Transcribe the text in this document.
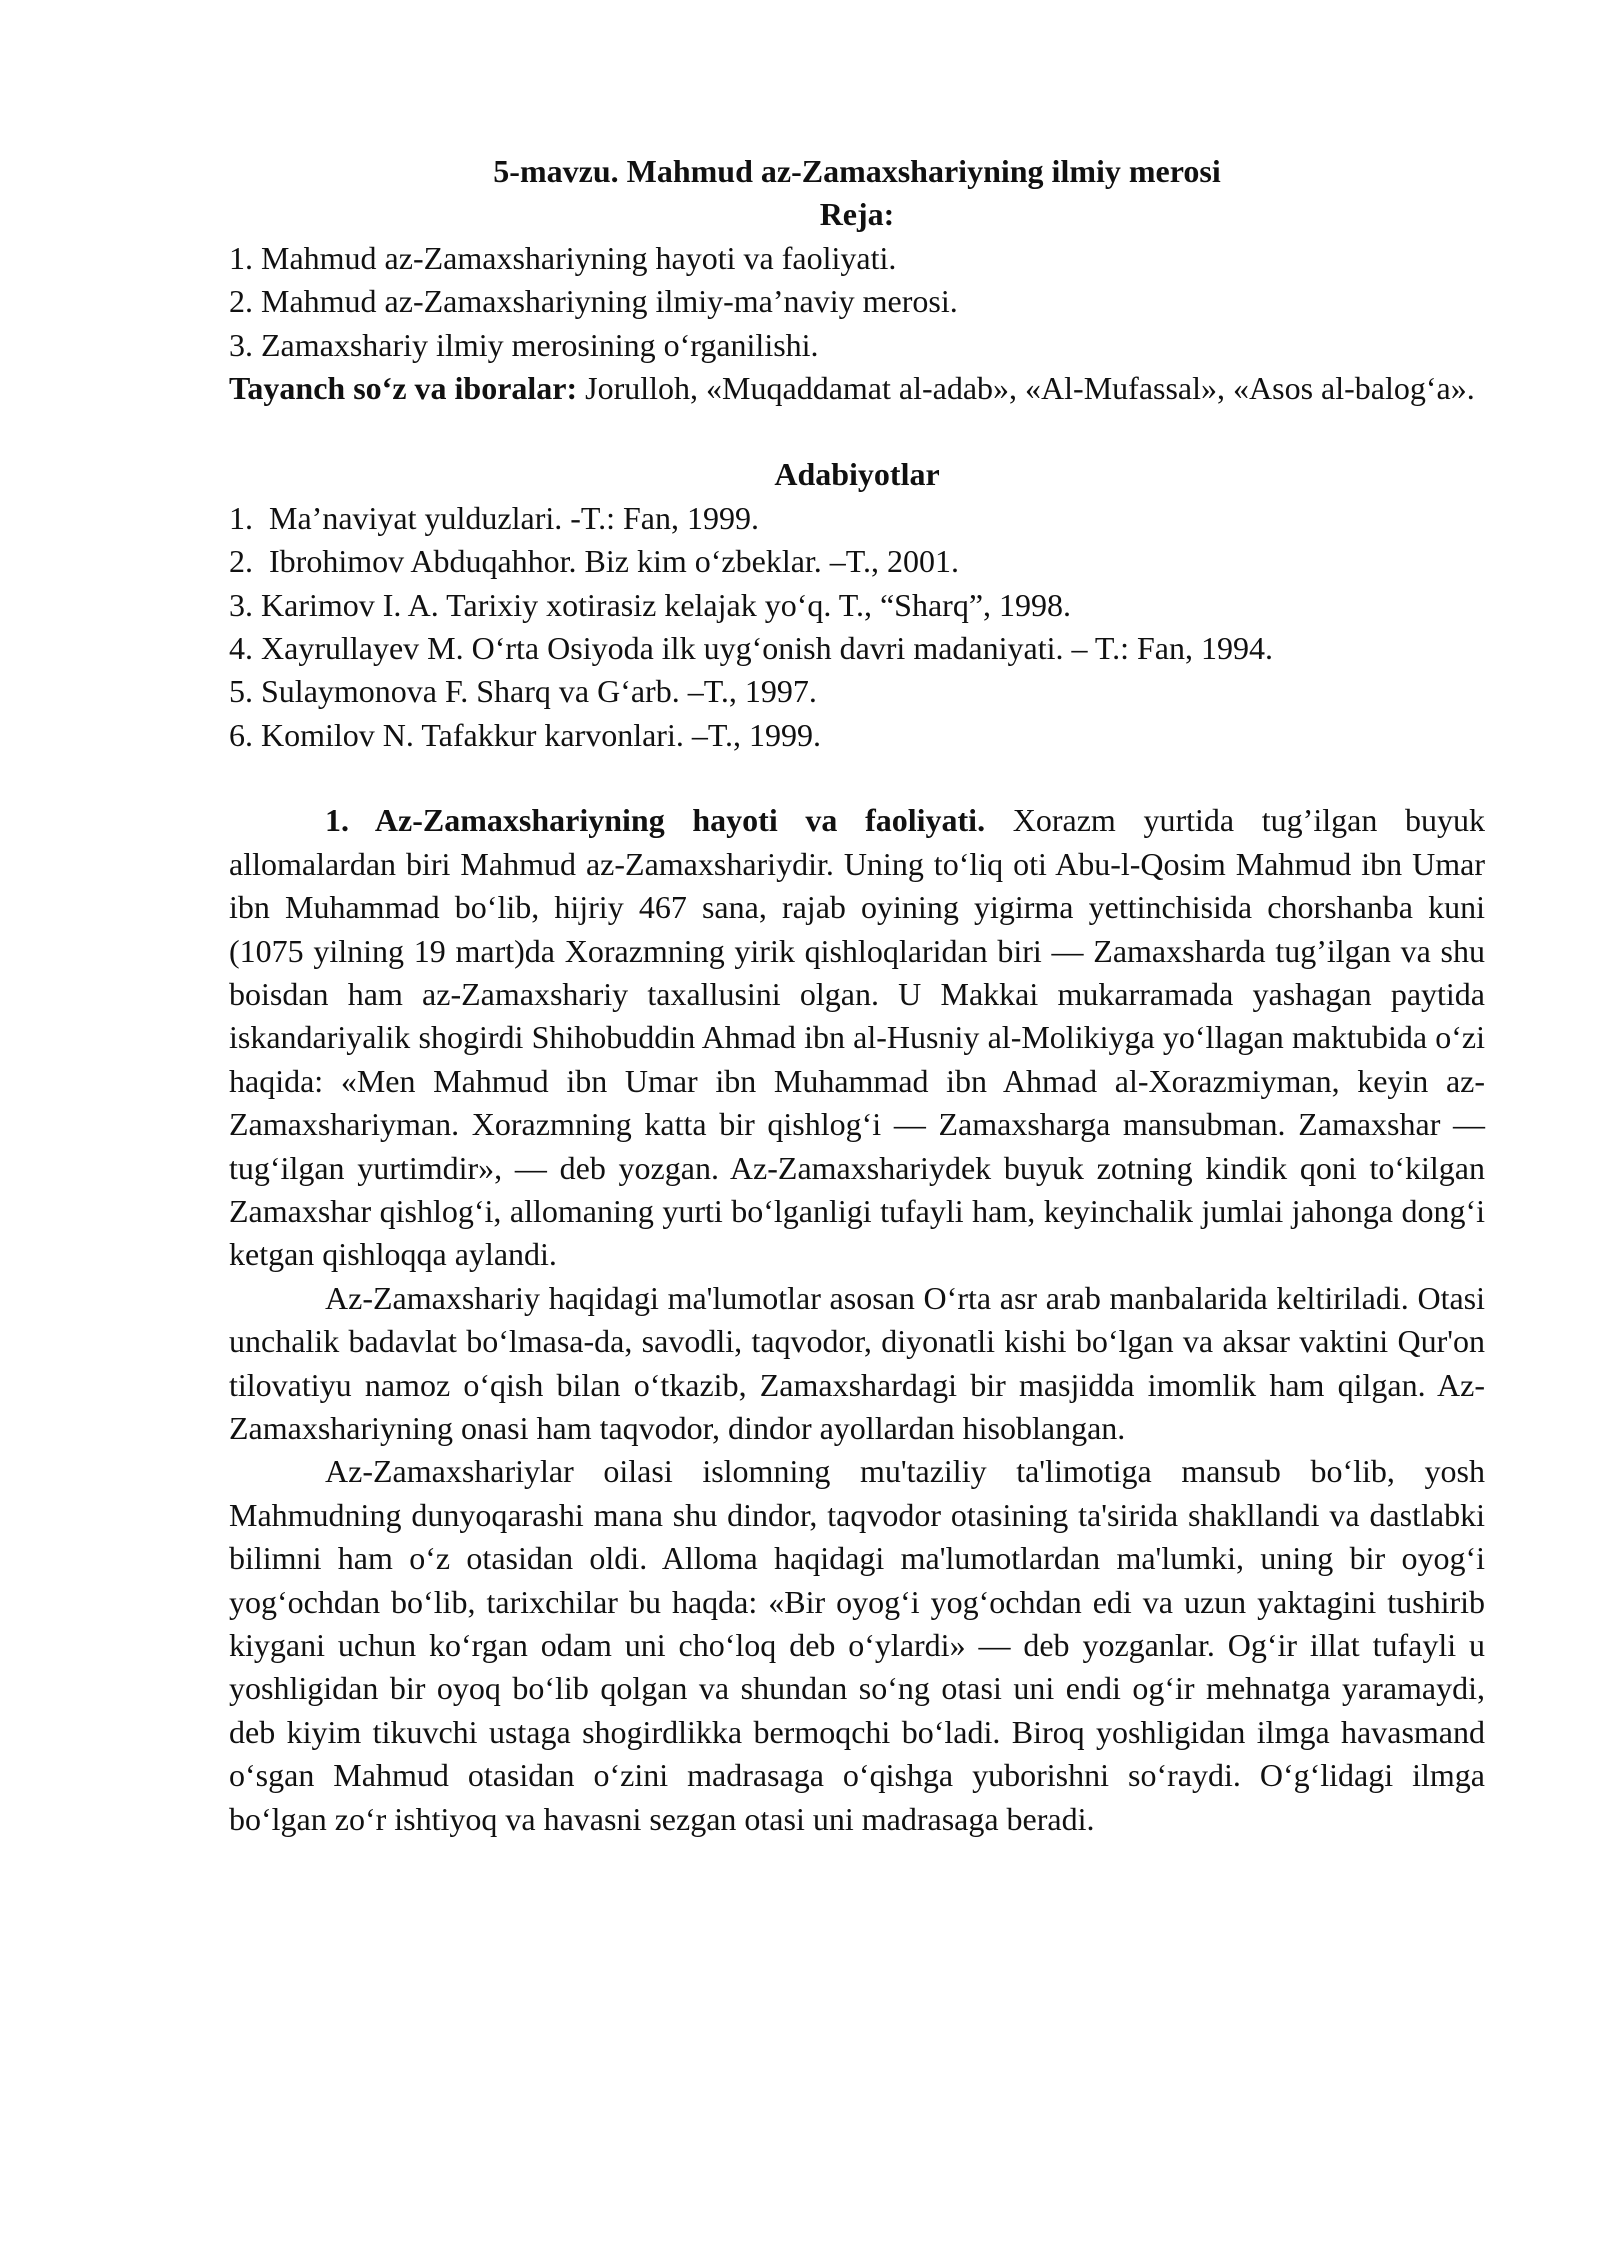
5-mavzu. Mahmud az-Zamaxshariyning ilmiy merosi
Reja:
1. Mahmud az-Zamaxshariyning hayoti va faoliyati.
2. Mahmud az-Zamaxshariyning ilmiy-ma’naviy merosi.
3. Zamaxshariy ilmiy merosining o‘rganilishi.
Tayanch so‘z va iboralar: Jorulloh, «Muqaddamat al-adab», «Al-Mufassal», «Asos al-balog‘a».
Adabiyotlar
1. Ma’naviyat yulduzlari. -T.: Fan, 1999.
2. Ibrohimov Abduqahhor. Biz kim o‘zbeklar. –T., 2001.
3. Karimov I. A. Tarixiy xotirasiz kelajak yo‘q. T., “Sharq”, 1998.
4. Xayrullayev M. O‘rta Osiyoda ilk uyg‘onish davri madaniyati. – T.: Fan, 1994.
5. Sulaymonova F. Sharq va G‘arb. –T., 1997.
6. Komilov N. Tafakkur karvonlari. –T., 1999.

1. Az-Zamaxshariyning hayoti va faoliyati. Xorazm yurtida tug’ilgan buyuk allomalardan biri Mahmud az-Zamaxshariydir. Uning to‘liq oti Abu-l-Qosim Mahmud ibn Umar ibn Muhammad bo‘lib, hijriy 467 sana, rajab oyining yigirma yettinchisida chorshanba kuni (1075 yilning 19 mart)da Xorazmning yirik qishloqlaridan biri — Zamaxsharda tug’ilgan va shu boisdan ham az-Zamaxshariy taxallusini olgan. U Makkai mukarramada yashagan paytida iskandariyalik shogirdi Shihobuddin Ahmad ibn al-Husniy al-Molikiyga yo‘llagan maktubida o‘zi haqida: «Men Mahmud ibn Umar ibn Muhammad ibn Ahmad al-Xorazmiyman, keyin az-Zamaxshariyman. Xorazmning katta bir qishlog‘i — Zamaxsharga mansubman. Zamaxshar — tug‘ilgan yurtimdir», — deb yozgan. Az-Zamaxshariydek buyuk zotning kindik qoni to‘kilgan Zamaxshar qishlog‘i, allomaning yurti bo‘lganligi tufayli ham, keyinchalik jumlai jahonga dong‘i ketgan qishloqqa aylandi.

Az-Zamaxshariy haqidagi ma'lumotlar asosan O‘rta asr arab manbalarida keltiriladi. Otasi unchalik badavlat bo‘lmasa-da, savodli, taqvodor, diyonatli kishi bo‘lgan va aksar vaktini Qur'on tilovatiyu namoz o‘qish bilan o‘tkazib, Zamaxshardagi bir masjidda imomlik ham qilgan. Az-Zamaxshariyning onasi ham taqvodor, dindor ayollardan hisoblangan.

Az-Zamaxshariylar oilasi islomning mu'taziliy ta'limotiga mansub bo‘lib, yosh Mahmudning dunyoqarashi mana shu dindor, taqvodor otasining ta'sirida shakllandi va dastlabki bilimni ham o‘z otasidan oldi. Alloma haqidagi ma'lumotlardan ma'lumki, uning bir oyog‘i yog‘ochdan bo‘lib, tarixchilar bu haqda: «Bir oyog‘i yog‘ochdan edi va uzun yaktagini tushirib kiygani uchun ko‘rgan odam uni cho‘loq deb o‘ylardi» — deb yozganlar. Og‘ir illat tufayli u yoshligidan bir oyoq bo‘lib qolgan va shundan so‘ng otasi uni endi og‘ir mehnatga yaramaydi, deb kiyim tikuvchi ustaga shogirdlikka bermoqchi bo‘ladi. Biroq yoshligidan ilmga havasmand o‘sgan Mahmud otasidan o‘zini madrasaga o‘qishga yuborishni so‘raydi. O‘g‘lidagi ilmga bo‘lgan zo‘r ishtiyoq va havasni sezgan otasi uni madrasaga beradi.
